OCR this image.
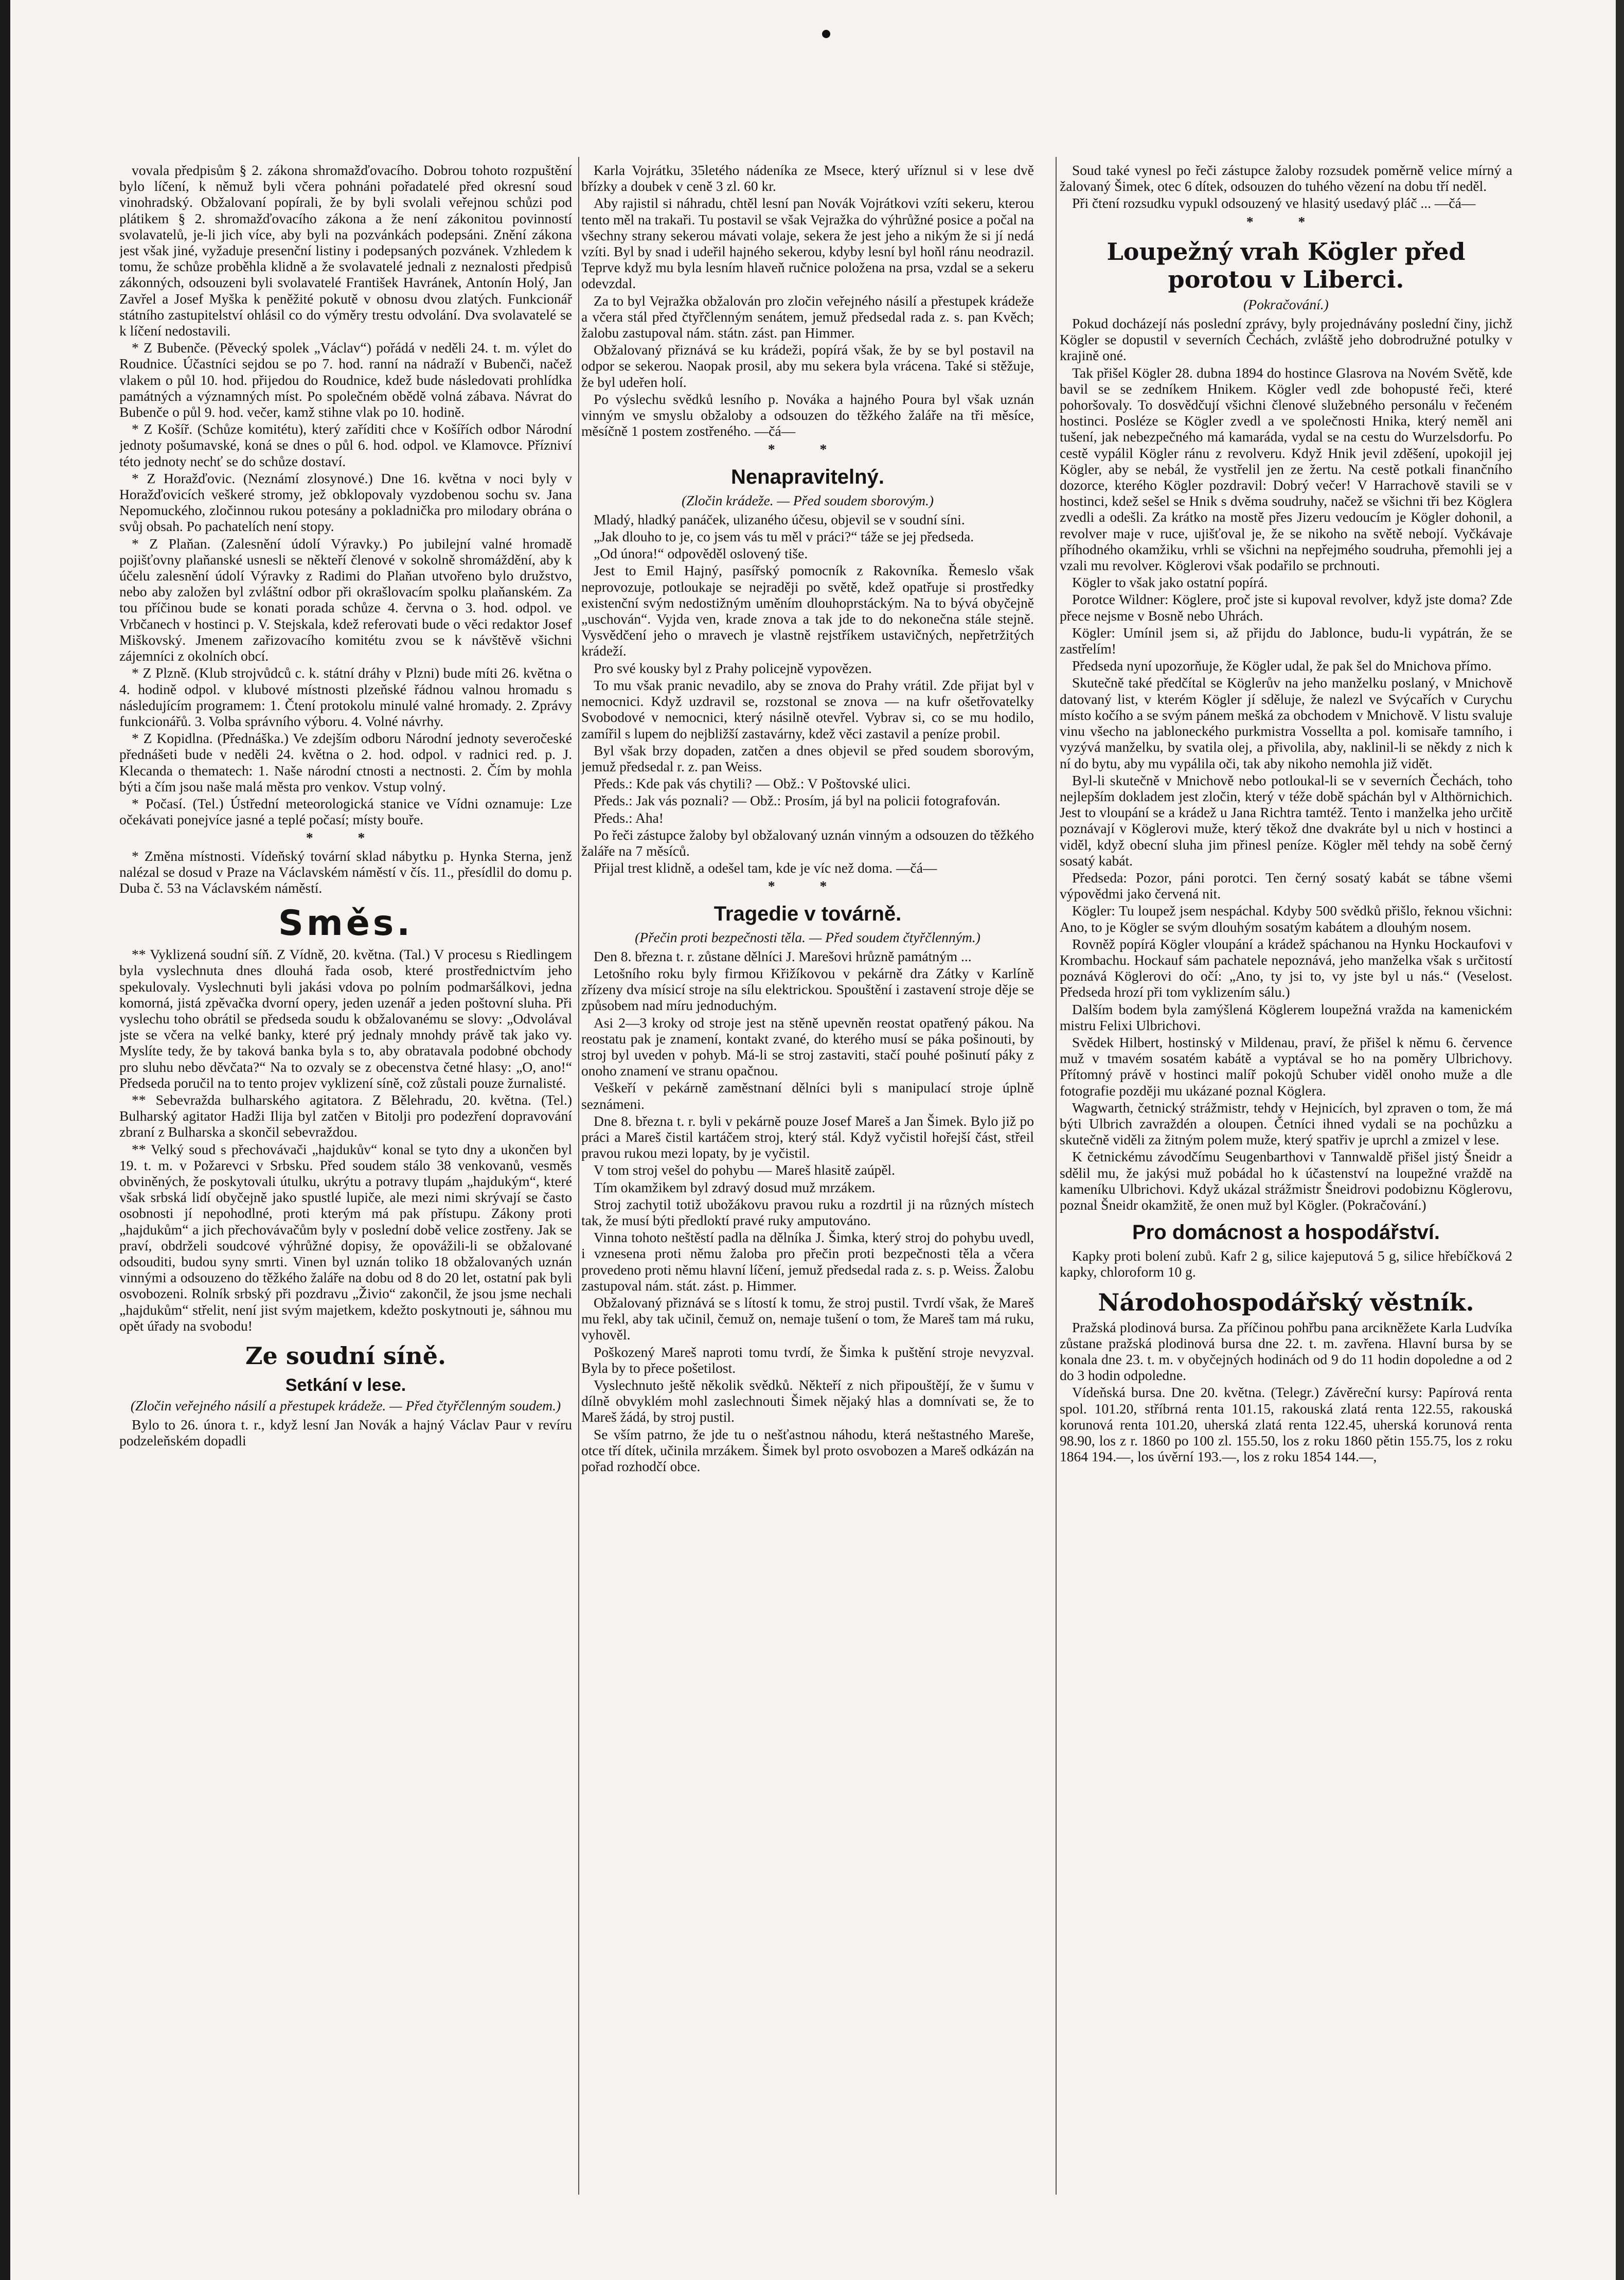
vovala předpisům § 2. zákona shromažďovacího. Dobrou tohoto rozpuštění bylo líčení, k němuž byli včera pohnáni pořadatelé před okresní soud vinohradský. Obžalovaní popírali, že by byli svolali veřejnou schůzi pod plátikem § 2. shromažďovacího zákona a že není zákonitou povinností svolavatelů, je-li jich více, aby byli na pozvánkách podepsáni. Znění zákona jest však jiné, vyžaduje presenční listiny i podepsaných pozvánek. Vzhledem k tomu, že schůze proběhla klidně a že svolavatelé jednali z neznalosti předpisů zákonných, odsouzeni byli svolavatelé František Havránek, Antonín Holý, Jan Zavřel a Josef Myška k peněžité pokutě v obnosu dvou zlatých. Funkcionář státního zastupitelství ohlásil co do výměry trestu odvolání. Dva svolavatelé se k líčení nedostavili.

* Z Bubenče. (Pěvecký spolek „Václav“) pořádá v neděli 24. t. m. výlet do Roudnice. Účastníci sejdou se po 7. hod. ranní na nádraží v Bubenči, načež vlakem o půl 10. hod. přijedou do Roudnice, kdež bude následovati prohlídka památných a významných míst. Po společném obědě volná zábava. Návrat do Bubenče o půl 9. hod. večer, kamž stihne vlak po 10. hodině.

* Z Košíř. (Schůze komitétu), který zaříditi chce v Košířích odbor Národní jednoty pošumavské, koná se dnes o půl 6. hod. odpol. ve Klamovce. Přízniví této jednoty nechť se do schůze dostaví.

* Z Horažďovic. (Neznámí zlosynové.) Dne 16. května v noci byly v Horažďovicích veškeré stromy, jež obklopovaly vyzdobenou sochu sv. Jana Nepomuckého, zločinnou rukou potesány a pokladnička pro milodary obrána o svůj obsah. Po pachatelích není stopy.

* Z Plaňan. (Zalesnění údolí Výravky.) Po jubilejní valné hromadě pojišťovny plaňanské usnesli se někteří členové v sokolně shromáždění, aby k účelu zalesnění údolí Výravky z Radimi do Plaňan utvořeno bylo družstvo, nebo aby založen byl zvláštní odbor při okrašlovacím spolku plaňanském. Za tou příčinou bude se konati porada schůze 4. června o 3. hod. odpol. ve Vrbčanech v hostinci p. V. Stejskala, kdež referovati bude o věci redaktor Josef Miškovský. Jmenem zařizovacího komitétu zvou se k návštěvě všichni zájemníci z okolních obcí.

* Z Plzně. (Klub strojvůdců c. k. státní dráhy v Plzni) bude míti 26. května o 4. hodině odpol. v klubové místnosti plzeňské řádnou valnou hromadu s následujícím programem: 1. Čtení protokolu minulé valné hromady. 2. Zprávy funkcionářů. 3. Volba správního výboru. 4. Volné návrhy.

* Z Kopidlna. (Přednáška.) Ve zdejším odboru Národní jednoty severočeské přednášeti bude v neděli 24. května o 2. hod. odpol. v radnici red. p. J. Klecanda o thematech: 1. Naše národní ctnosti a nectnosti. 2. Čím by mohla býti a čím jsou naše malá města pro venkov. Vstup volný.

* Počasí. (Tel.) Ústřední meteorologická stanice ve Vídni oznamuje: Lze očekávati ponejvíce jasné a teplé počasí; místy bouře.

* *

* Změna místnosti. Vídeňský tovární sklad nábytku p. Hynka Sterna, jenž nalézal se dosud v Praze na Václavském náměstí v čís. 11., přesídlil do domu p. Duba č. 53 na Václavském náměstí.

Směs.

** Vyklizená soudní síň. Z Vídně, 20. května. (Tal.) V procesu s Riedlingem byla vyslechnuta dnes dlouhá řada osob, které prostřednictvím jeho spekulovaly. Vyslechnuti byli jakási vdova po polním podmaršálkovi, jedna komorná, jistá zpěvačka dvorní opery, jeden uzenář a jeden poštovní sluha. Při vyslechu toho obrátil se předseda soudu k obžalovanému se slovy: „Odvolával jste se včera na velké banky, které prý jednaly mnohdy právě tak jako vy. Myslíte tedy, že by taková banka byla s to, aby obratavala podobné obchody pro sluhu nebo děvčata?“ Na to ozvaly se z obecenstva četné hlasy: „O, ano!“ Předseda poručil na to tento projev vyklizení síně, což zůstali pouze žurnalisté.

** Sebevražda bulharského agitatora. Z Bělehradu, 20. května. (Tel.) Bulharský agitator Hadži Ilija byl zatčen v Bitolji pro podezření dopravování zbraní z Bulharska a skončil sebevraždou.

** Velký soud s přechovávači „hajdukův“ konal se tyto dny a ukončen byl 19. t. m. v Požarevci v Srbsku. Před soudem stálo 38 venkovanů, vesměs obviněných, že poskytovali útulku, ukrýtu a potravy tlupám „hajdukým“, které však srbská lidí obyčejně jako spustlé lupiče, ale mezi nimi skrývají se často osobnosti jí nepohodlné, proti kterým má pak přístupu. Zákony proti „hajdukům“ a jich přechovávačům byly v poslední době velice zostřeny. Jak se praví, obdrželi soudcové výhrůžné dopisy, že opovážili-li se obžalované odsouditi, budou syny smrti. Vinen byl uznán toliko 18 obžalovaných uznán vinnými a odsouzeno do těžkého žaláře na dobu od 8 do 20 let, ostatní pak byli osvobozeni. Rolník srbský při pozdravu „Živio“ zakončil, že jsou jsme nechali „hajdukům“ střelit, není jist svým majetkem, kdežto poskytnouti je, sáhnou mu opět úřady na svobodu!

Ze soudní síně.
Setkání v lese.
(Zločin veřejného násilí a přestupek krádeže. — Před čtyřčlenným soudem.)

Bylo to 26. února t. r., když lesní Jan Novák a hajný Václav Paur v revíru podzeleňském dopadli

Karla Vojrátku, 35letého nádeníka ze Msece, který uříznul si v lese dvě břízky a doubek v ceně 3 zl. 60 kr.

Aby rajistil si náhradu, chtěl lesní pan Novák Vojrátkovi vzíti sekeru, kterou tento měl na trakaři. Tu postavil se však Vejražka do výhrůžné posice a počal na všechny strany sekerou mávati volaje, sekera že jest jeho a nikým že si jí nedá vzíti. Byl by snad i udeřil hajného sekerou, kdyby lesní byl hoňl ránu neodrazil. Teprve když mu byla lesním hlaveň ručnice položena na prsa, vzdal se a sekeru odevzdal.

Za to byl Vejražka obžalován pro zločin veřejného násilí a přestupek krádeže a včera stál před čtyřčlenným senátem, jemuž předsedal rada z. s. pan Kvěch; žalobu zastupoval nám. státn. zást. pan Himmer.

Obžalovaný přiznává se ku krádeži, popírá však, že by se byl postavil na odpor se sekerou. Naopak prosil, aby mu sekera byla vrácena. Také si stěžuje, že byl udeřen holí.

Po výslechu svědků lesního p. Nováka a hajného Poura byl však uznán vinným ve smyslu obžaloby a odsouzen do těžkého žaláře na tři měsíce, měsíčně 1 postem zostřeného. —čá—

* *
Nenapravitelný.
(Zločin krádeže. — Před soudem sborovým.)

Mladý, hladký panáček, ulizaného účesu, objevil se v soudní síni.

„Jak dlouho to je, co jsem vás tu měl v práci?“ táže se jej předseda.

„Od února!“ odpověděl oslovený tiše.

Jest to Emil Hajný, pasířský pomocník z Rakovníka. Řemeslo však neprovozuje, potloukaje se nejraději po světě, kdež opatřuje si prostředky existenční svým nedostižným uměním dlouhoprstáckým. Na to bývá obyčejně „uschován“. Vyjda ven, krade znova a tak jde to do nekonečna stále stejně. Vysvědčení jeho o mravech je vlastně rejstříkem ustavičných, nepřetržitých krádeží.

Pro své kousky byl z Prahy policejně vypovězen.

To mu však pranic nevadilo, aby se znova do Prahy vrátil. Zde přijat byl v nemocnici. Když uzdravil se, rozstonal se znova — na kufr ošetřovatelky Svobodové v nemocnici, který násilně otevřel. Vybrav si, co se mu hodilo, zamířil s lupem do nejbližší zastavárny, kdež věci zastavil a peníze probil.

Byl však brzy dopaden, zatčen a dnes objevil se před soudem sborovým, jemuž předsedal r. z. pan Weiss.

Předs.: Kde pak vás chytili? — Obž.: V Poštovské ulici.

Předs.: Jak vás poznali? — Obž.: Prosím, já byl na policii fotografován.

Předs.: Aha!

Po řeči zástupce žaloby byl obžalovaný uznán vinným a odsouzen do těžkého žaláře na 7 měsíců.

Přijal trest klidně, a odešel tam, kde je víc než doma. —čá—

* *
Tragedie v továrně.
(Přečin proti bezpečnosti těla. — Před soudem čtyřčlenným.)

Den 8. března t. r. zůstane dělníci J. Marešovi hrůzně památným ...

Letošního roku byly firmou Křižíkovou v pekárně dra Zátky v Karlíně zřízeny dva mísicí stroje na sílu elektrickou. Spouštění i zastavení stroje děje se způsobem nad míru jednoduchým.

Asi 2—3 kroky od stroje jest na stěně upevněn reostat opatřený pákou. Na reostatu pak je znamení, kontakt zvané, do kterého musí se páka pošinouti, by stroj byl uveden v pohyb. Má-li se stroj zastaviti, stačí pouhé pošinutí páky z onoho znamení ve stranu opačnou.

Veškeří v pekárně zaměstnaní dělníci byli s manipulací stroje úplně seznámeni.

Dne 8. března t. r. byli v pekárně pouze Josef Mareš a Jan Šimek. Bylo již po práci a Mareš čistil kartáčem stroj, který stál. Když vyčistil hořejší část, střeil pravou rukou mezi lopaty, by je vyčistil.

V tom stroj vešel do pohybu — Mareš hlasitě zaúpěl.

Tím okamžikem byl zdravý dosud muž mrzákem.

Stroj zachytil totiž ubožákovu pravou ruku a rozdrtil ji na různých místech tak, že musí býti předloktí pravé ruky amputováno.

Vinna tohoto neštěstí padla na dělníka J. Šimka, který stroj do pohybu uvedl, i vznesena proti němu žaloba pro přečin proti bezpečnosti těla a včera provedeno proti němu hlavní líčení, jemuž předsedal rada z. s. p. Weiss. Žalobu zastupoval nám. stát. zást. p. Himmer.

Obžalovaný přiznává se s lítostí k tomu, že stroj pustil. Tvrdí však, že Mareš mu řekl, aby tak učinil, čemuž on, nemaje tušení o tom, že Mareš tam má ruku, vyhověl.

Poškozený Mareš naproti tomu tvrdí, že Šimka k puštění stroje nevyzval. Byla by to přece pošetilost.

Vyslechnuto ještě několik svědků. Někteří z nich připouštějí, že v šumu v dílně obvyklém mohl zaslechnouti Šimek nějaký hlas a domnívati se, že to Mareš žádá, by stroj pustil.

Se vším patrno, že jde tu o nešťastnou náhodu, která neštastného Mareše, otce tří dítek, učinila mrzákem. Šimek byl proto osvobozen a Mareš odkázán na pořad rozhodčí obce.

Soud také vynesl po řeči zástupce žaloby rozsudek poměrně velice mírný a žalovaný Šimek, otec 6 dítek, odsouzen do tuhého vězení na dobu tří neděl.

Při čtení rozsudku vypukl odsouzený ve hlasitý usedavý pláč ... —čá—

* *
Loupežný vrah Kögler před porotou v Liberci.
(Pokračování.)

Pokud docházejí nás poslední zprávy, byly projednávány poslední činy, jichž Kögler se dopustil v severních Čechách, zvláště jeho dobrodružné potulky v krajině oné.

Tak přišel Kögler 28. dubna 1894 do hostince Glasrova na Novém Světě, kde bavil se se zedníkem Hnikem. Kögler vedl zde bohopusté řeči, které pohoršovaly. To dosvědčují všichni členové služebného personálu v řečeném hostinci. Posléze se Kögler zvedl a ve společnosti Hnika, který neměl ani tušení, jak nebezpečného má kamaráda, vydal se na cestu do Wurzelsdorfu. Po cestě vypálil Kögler ránu z revolveru. Když Hnik jevil zděšení, upokojil jej Kögler, aby se nebál, že vystřelil jen ze žertu. Na cestě potkali finančního dozorce, kterého Kögler pozdravil: Dobrý večer! V Harrachově stavili se v hostinci, kdež sešel se Hnik s dvěma soudruhy, načež se všichni tři bez Köglera zvedli a odešli. Za krátko na mostě přes Jizeru vedoucím je Kögler dohonil, a revolver maje v ruce, ujišťoval je, že se nikoho na světě nebojí. Vyčkávaje příhodného okamžiku, vrhli se všichni na nepřejmého soudruha, přemohli jej a vzali mu revolver. Köglerovi však podařilo se prchnouti.

Kögler to však jako ostatní popírá.

Porotce Wildner: Köglere, proč jste si kupoval revolver, když jste doma? Zde přece nejsme v Bosně nebo Uhrách.

Kögler: Umínil jsem si, až přijdu do Jablonce, budu-li vypátrán, že se zastřelím!

Předseda nyní upozorňuje, že Kögler udal, že pak šel do Mnichova přímo.

Skutečně také předčítal se Köglerův na jeho manželku poslaný, v Mnichově datovaný list, v kterém Kögler jí sděluje, že nalezl ve Svýcařích v Curychu místo kočího a se svým pánem mešká za obchodem v Mnichově. V listu svaluje vinu všecho na jabloneckého purkmistra Vossellta a pol. komisaře tamního, i vyzývá manželku, by svatila olej, a přivolila, aby, naklinil-li se někdy z nich k ní do bytu, aby mu vypálila oči, tak aby nikoho nemohla již vidět.

Byl-li skutečně v Mnichově nebo potloukal-li se v severních Čechách, toho nejlepším dokladem jest zločin, který v téže době spáchán byl v Althörnichich. Jest to vloupání se a krádež u Jana Richtra tamtéž. Tento i manželka jeho určitě poznávají v Köglerovi muže, který těkož dne dvakráte byl u nich v hostinci a viděl, když obecní sluha jim přinesl peníze. Kögler měl tehdy na sobě černý sosatý kabát.

Předseda: Pozor, páni porotci. Ten černý sosatý kabát se tábne všemi výpovědmi jako červená nit.

Kögler: Tu loupež jsem nespáchal. Kdyby 500 svědků přišlo, řeknou všichni: Ano, to je Kögler se svým dlouhým sosatým kabátem a dlouhým nosem.

Rovněž popírá Kögler vloupání a krádež spáchanou na Hynku Hockaufovi v Krombachu. Hockauf sám pachatele nepoznává, jeho manželka však s určitostí poznává Köglerovi do očí: „Ano, ty jsi to, vy jste byl u nás.“ (Veselost. Předseda hrozí při tom vyklizením sálu.)

Dalším bodem byla zamýšlená Köglerem loupežná vražda na kamenickém mistru Felixi Ulbrichovi.

Svědek Hilbert, hostinský v Mildenau, praví, že přišel k němu 6. července muž v tmavém sosatém kabátě a vyptával se ho na poměry Ulbrichovy. Přítomný právě v hostinci malíř pokojů Schuber viděl onoho muže a dle fotografie později mu ukázané poznal Köglera.

Wagwarth, četnický strážmistr, tehdy v Hejnicích, byl zpraven o tom, že má býti Ulbrich zavraždén a oloupen. Četníci ihned vydali se na pochůzku a skutečně viděli za žitným polem muže, který spatřiv je uprchl a zmizel v lese.

K četnickému závodčímu Seugenbarthovi v Tannwaldě přišel jistý Šneidr a sdělil mu, že jakýsi muž pobádal ho k účastenství na loupežné vraždě na kameníku Ulbrichovi. Když ukázal strážmistr Šneidrovi podobiznu Köglerovu, poznal Šneidr okamžitě, že onen muž byl Kögler. (Pokračování.)

Pro domácnost a hospodářství.

Kapky proti bolení zubů. Kafr 2 g, silice kajeputová 5 g, silice hřebíčková 2 kapky, chloroform 10 g.

Národohospodářský věstník.

Pražská plodinová bursa. Za příčinou pohřbu pana arcikněžete Karla Ludvíka zůstane pražská plodinová bursa dne 22. t. m. zavřena. Hlavní bursa by se konala dne 23. t. m. v obyčejných hodinách od 9 do 11 hodin dopoledne a od 2 do 3 hodin odpoledne.

Vídeňská bursa. Dne 20. května. (Telegr.) Závěreční kursy: Papírová renta spol. 101.20, stříbrná renta 101.15, rakouská zlatá renta 122.55, rakouská korunová renta 101.20, uherská zlatá renta 122.45, uherská korunová renta 98.90, los z r. 1860 po 100 zl. 155.50, los z roku 1860 pětin 155.75, los z roku 1864 194.—, los úvěrní 193.—, los z roku 1854 144.—,
